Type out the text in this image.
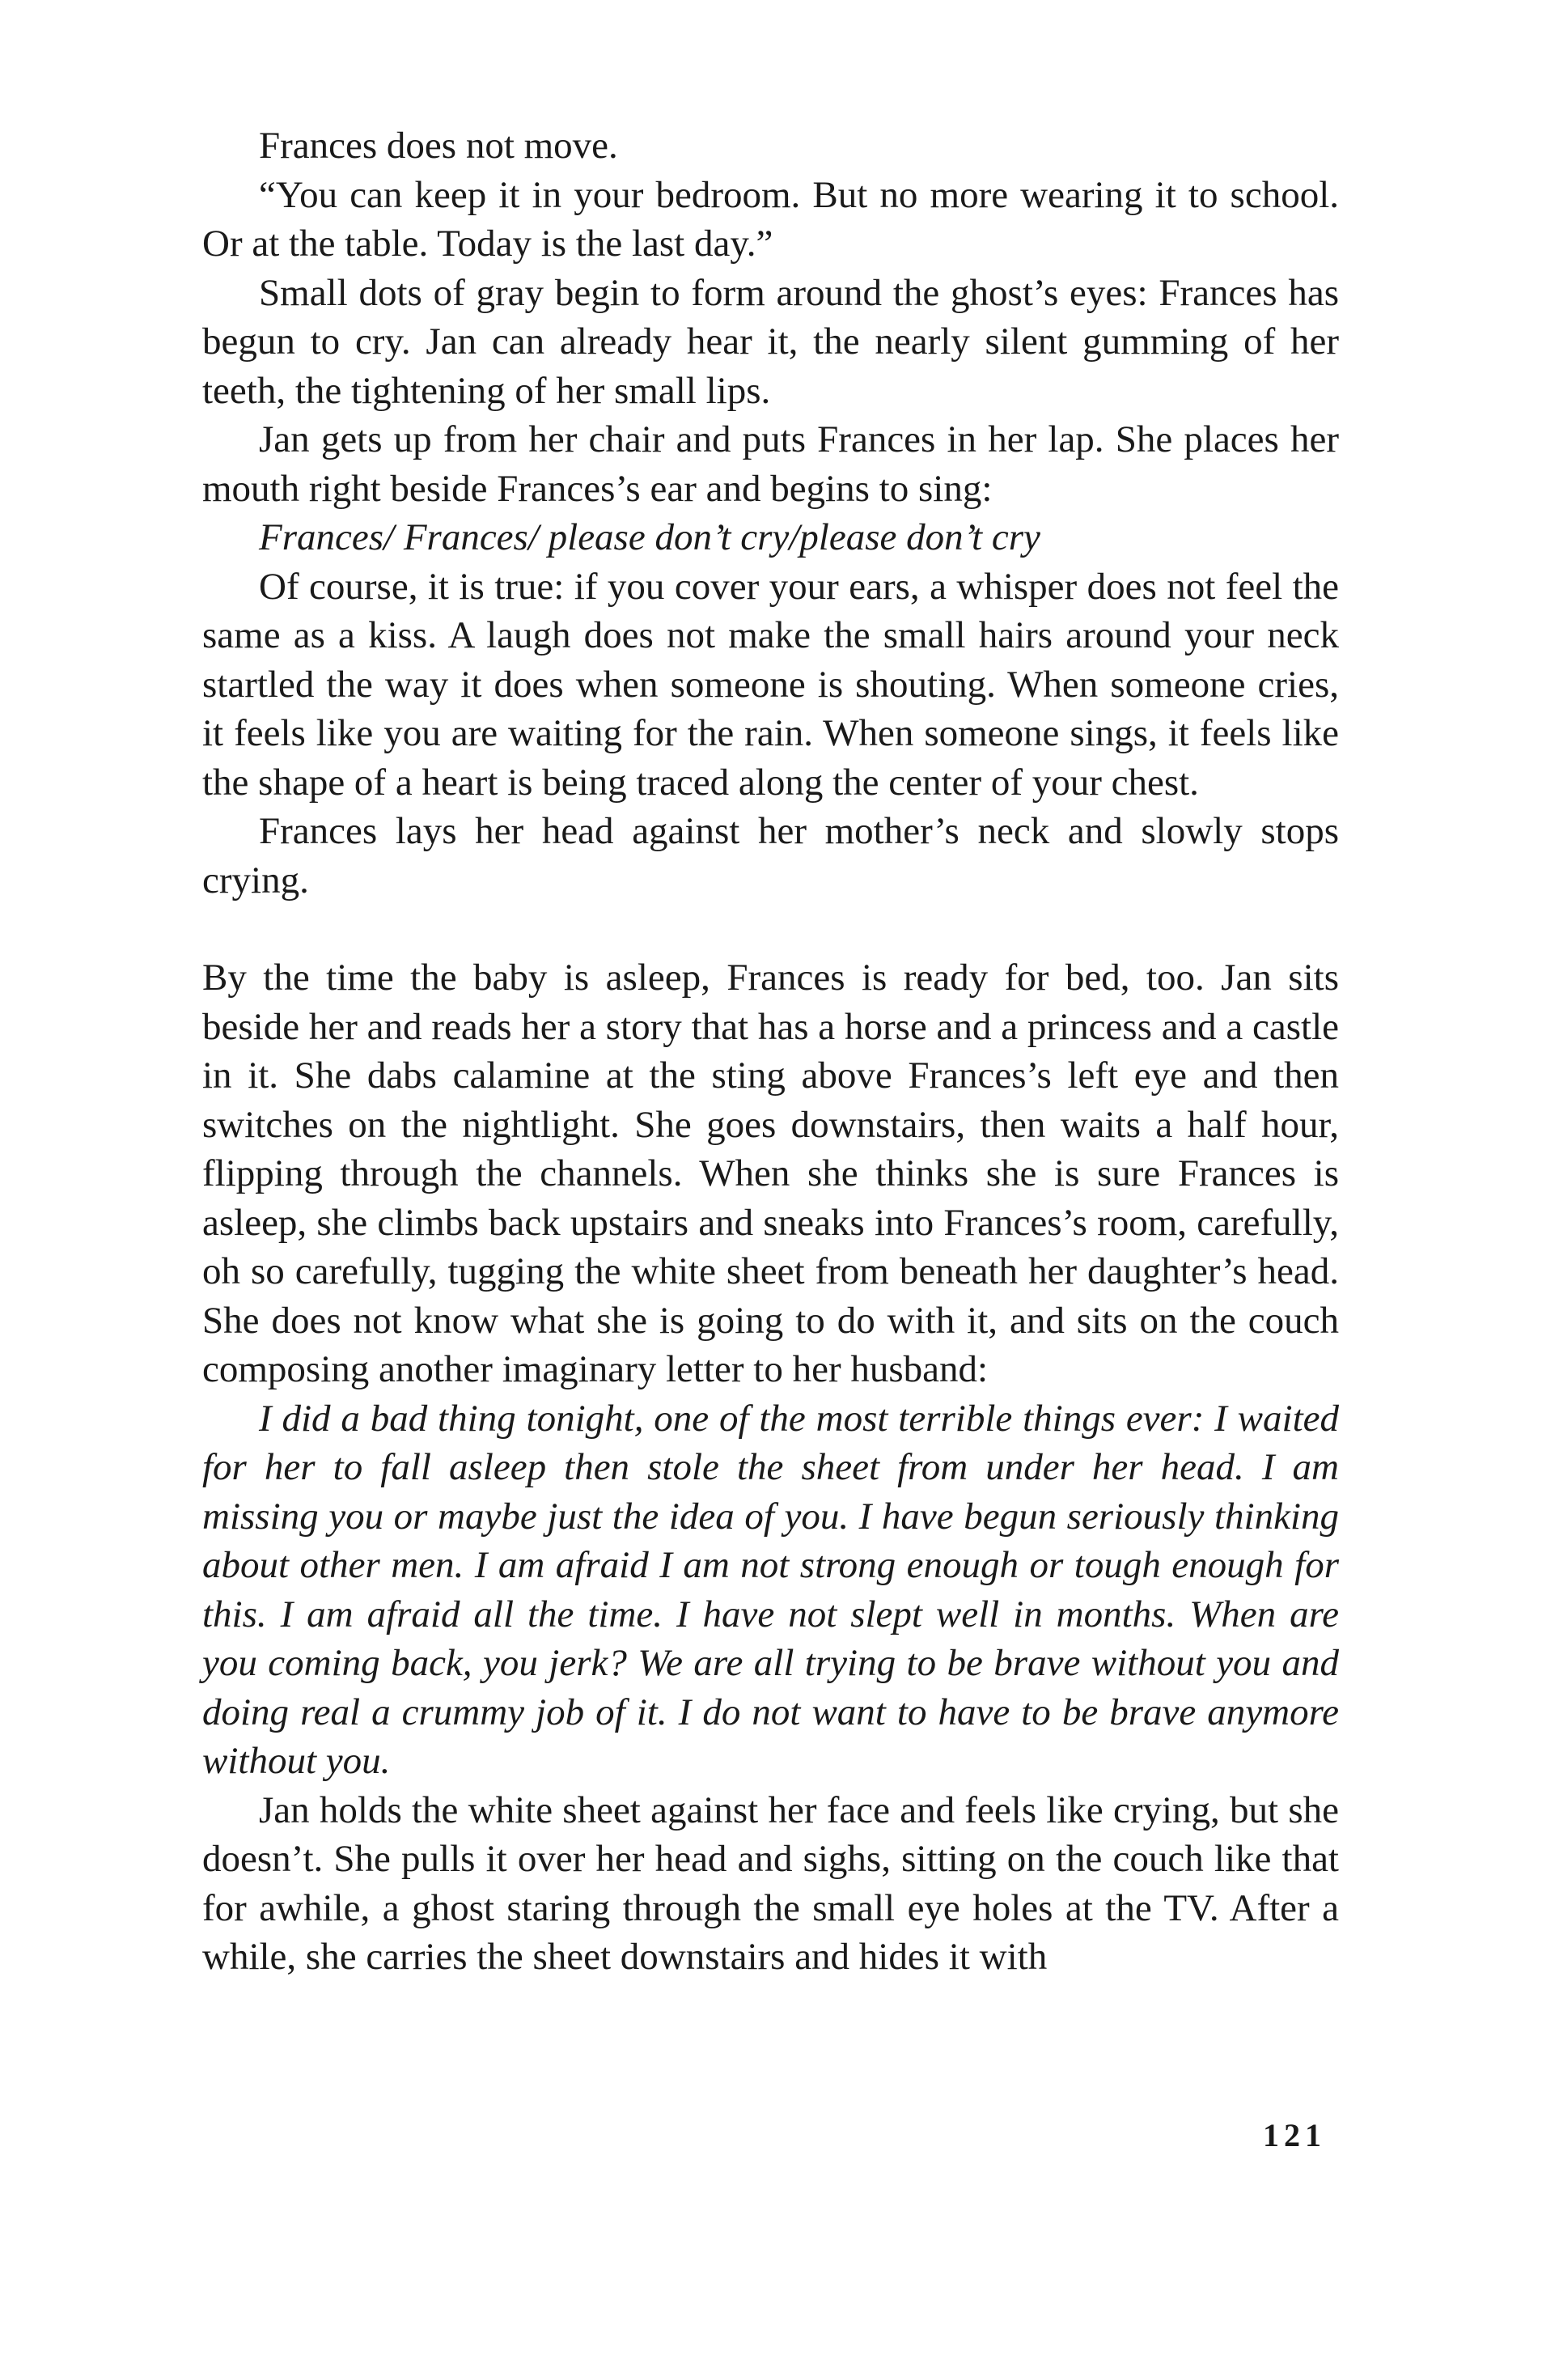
Frances does not move.

“You can keep it in your bedroom. But no more wearing it to school. Or at the table. Today is the last day.”

Small dots of gray begin to form around the ghost’s eyes: Frances has begun to cry. Jan can already hear it, the nearly silent gumming of her teeth, the tightening of her small lips.

Jan gets up from her chair and puts Frances in her lap. She places her mouth right beside Frances’s ear and begins to sing:

Frances/ Frances/ please don’t cry/please don’t cry

Of course, it is true: if you cover your ears, a whisper does not feel the same as a kiss. A laugh does not make the small hairs around your neck startled the way it does when someone is shouting. When someone cries, it feels like you are waiting for the rain. When someone sings, it feels like the shape of a heart is being traced along the center of your chest.

Frances lays her head against her mother’s neck and slowly stops crying.

By the time the baby is asleep, Frances is ready for bed, too. Jan sits beside her and reads her a story that has a horse and a princess and a castle in it. She dabs calamine at the sting above Frances’s left eye and then switches on the nightlight. She goes downstairs, then waits a half hour, flipping through the channels. When she thinks she is sure Frances is asleep, she climbs back upstairs and sneaks into Frances’s room, carefully, oh so carefully, tugging the white sheet from beneath her daughter’s head. She does not know what she is going to do with it, and sits on the couch composing another imaginary letter to her husband:

I did a bad thing tonight, one of the most terrible things ever: I waited for her to fall asleep then stole the sheet from under her head. I am missing you or maybe just the idea of you. I have begun seriously thinking about other men. I am afraid I am not strong enough or tough enough for this. I am afraid all the time. I have not slept well in months. When are you coming back, you jerk? We are all trying to be brave without you and doing real a crummy job of it. I do not want to have to be brave anymore without you.

Jan holds the white sheet against her face and feels like crying, but she doesn’t. She pulls it over her head and sighs, sitting on the couch like that for awhile, a ghost staring through the small eye holes at the TV. After a while, she carries the sheet downstairs and hides it with

121
